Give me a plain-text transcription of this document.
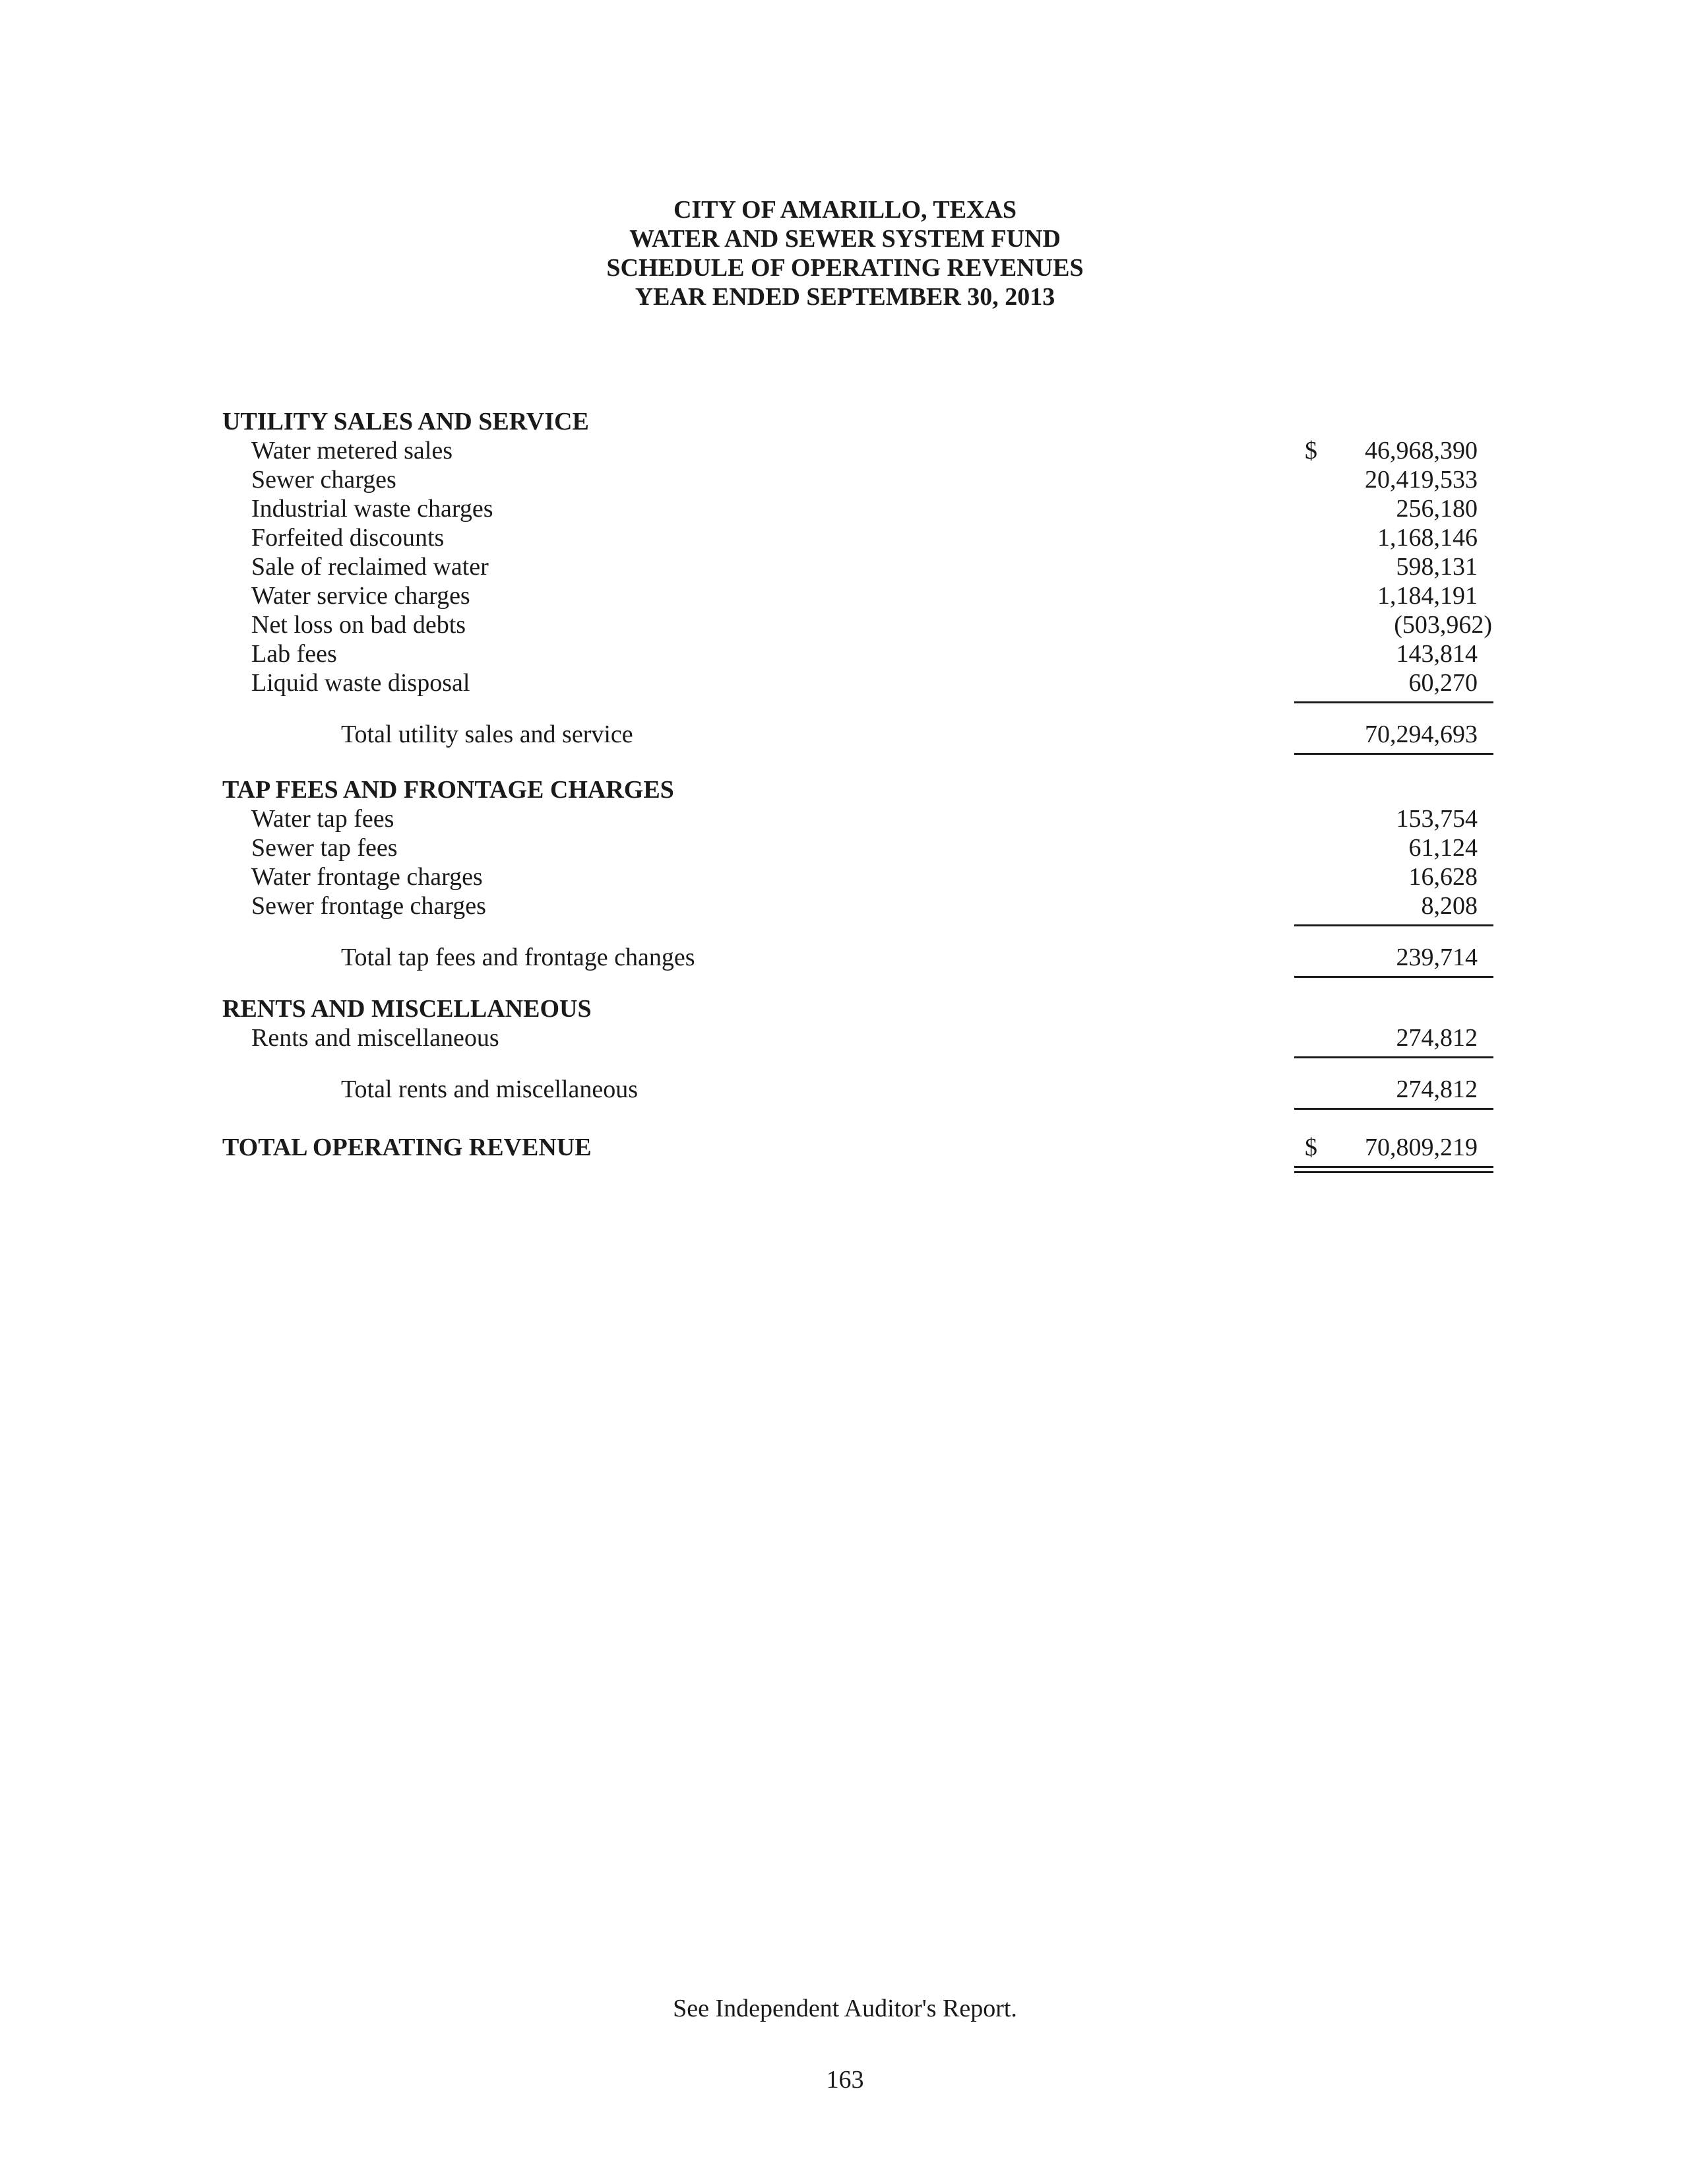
CITY OF AMARILLO, TEXAS
WATER AND SEWER SYSTEM FUND
SCHEDULE OF OPERATING REVENUES
YEAR ENDED SEPTEMBER 30, 2013
UTILITY SALES AND SERVICE
Water metered sales	$ 46,968,390
Sewer charges	20,419,533
Industrial waste charges	256,180
Forfeited discounts	1,168,146
Sale of reclaimed water	598,131
Water service charges	1,184,191
Net loss on bad debts	(503,962)
Lab fees	143,814
Liquid waste disposal	60,270
Total utility sales and service	70,294,693
TAP FEES AND FRONTAGE CHARGES
Water tap fees	153,754
Sewer tap fees	61,124
Water frontage charges	16,628
Sewer frontage charges	8,208
Total tap fees and frontage changes	239,714
RENTS AND MISCELLANEOUS
Rents and miscellaneous	274,812
Total rents and miscellaneous	274,812
TOTAL OPERATING REVENUE	$ 70,809,219
See Independent Auditor's Report.
163
